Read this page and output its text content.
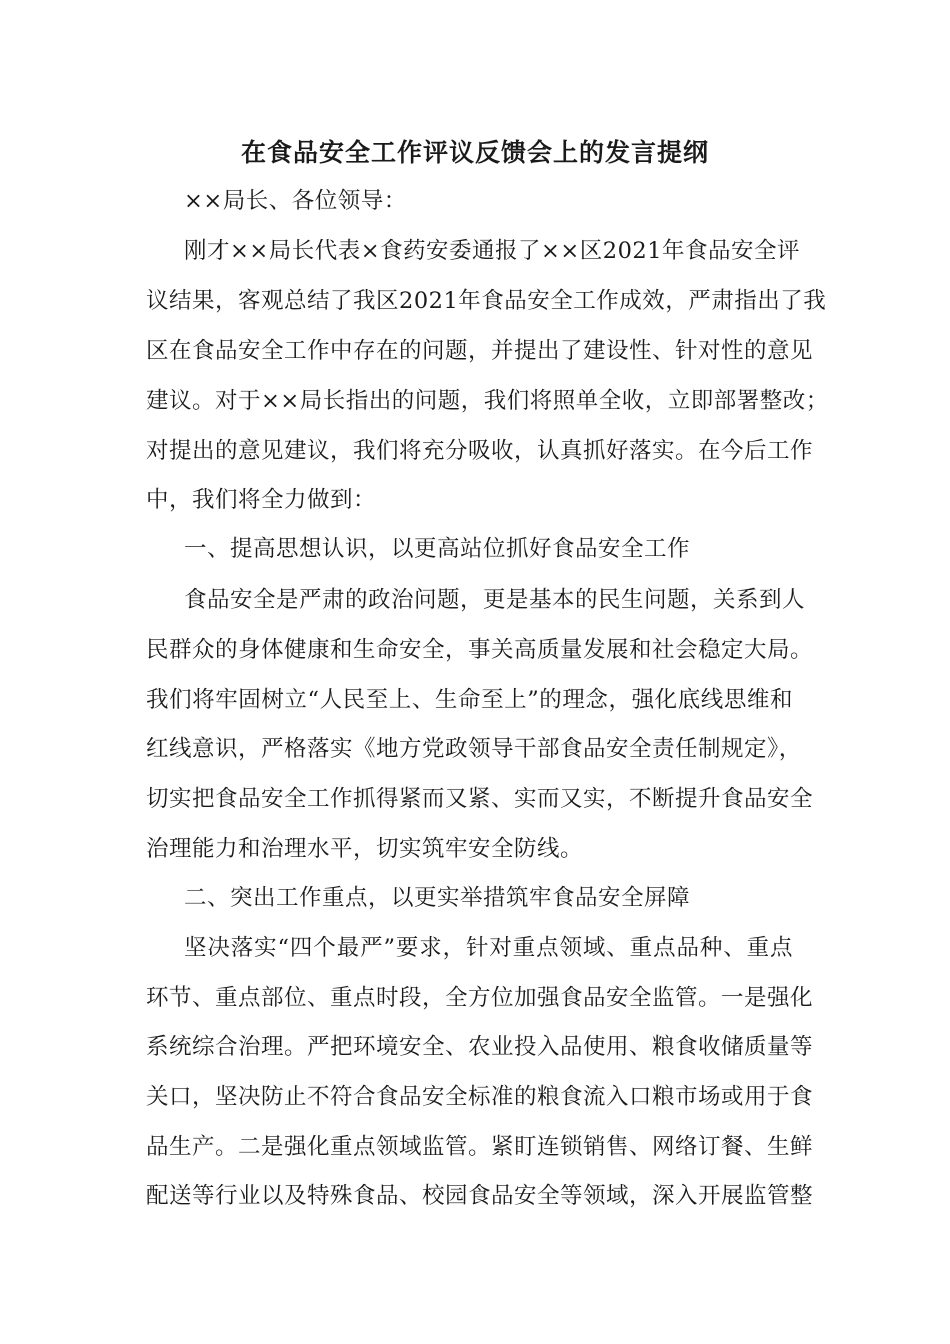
在食品安全工作评议反馈会上的发言提纲
××局长、各位领导：
刚才××局长代表×食药安委通报了××区2021年食品安全评
议结果，客观总结了我区2021年食品安全工作成效，严肃指出了我
区在食品安全工作中存在的问题，并提出了建设性、针对性的意见
建议。对于××局长指出的问题，我们将照单全收，立即部署整改；
对提出的意见建议，我们将充分吸收，认真抓好落实。在今后工作
中，我们将全力做到：
一、提高思想认识，以更高站位抓好食品安全工作
食品安全是严肃的政治问题，更是基本的民生问题，关系到人
民群众的身体健康和生命安全，事关高质量发展和社会稳定大局。
我们将牢固树立“人民至上、生命至上”的理念，强化底线思维和
红线意识，严格落实《地方党政领导干部食品安全责任制规定》，
切实把食品安全工作抓得紧而又紧、实而又实，不断提升食品安全
治理能力和治理水平，切实筑牢安全防线。
二、突出工作重点，以更实举措筑牢食品安全屏障
坚决落实“四个最严”要求，针对重点领域、重点品种、重点
环节、重点部位、重点时段，全方位加强食品安全监管。一是强化
系统综合治理。严把环境安全、农业投入品使用、粮食收储质量等
关口，坚决防止不符合食品安全标准的粮食流入口粮市场或用于食
品生产。二是强化重点领域监管。紧盯连锁销售、网络订餐、生鲜
配送等行业以及特殊食品、校园食品安全等领域，深入开展监管整
